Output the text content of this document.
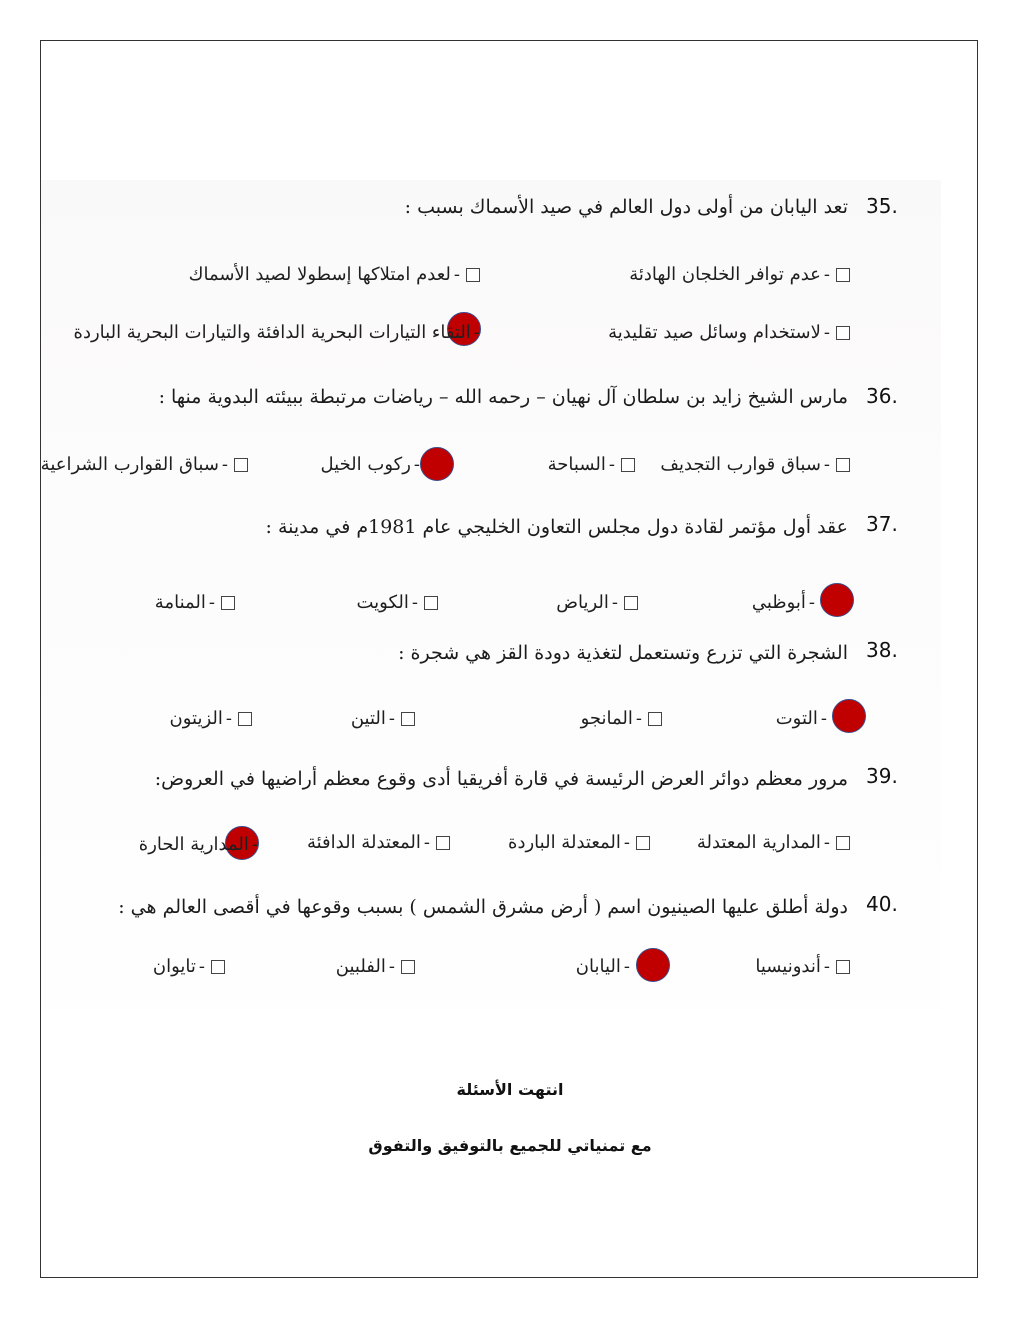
35.
تعد اليابان من أولى دول العالم في صيد الأسماك بسبب :
-
عدم توافر الخلجان الهادئة
-
لعدم امتلاكها إسطولا لصيد الأسماك
-
لاستخدام وسائل صيد تقليدية
-
التقاء التيارات البحرية الدافئة والتيارات البحرية الباردة
36.
مارس الشيخ زايد بن سلطان آل نهيان – رحمه الله – رياضات مرتبطة ببيئته البدوية منها :
-
سباق قوارب التجديف
-
السباحة
-
ركوب الخيل
-
سباق القوارب الشراعية
37.
عقد أول مؤتمر لقادة دول مجلس التعاون الخليجي عام 1981م في مدينة :
-
أبوظبي
-
الرياض
-
الكويت
-
المنامة
38.
الشجرة التي تزرع وتستعمل لتغذية دودة القز هي شجرة :
-
التوت
-
المانجو
-
التين
-
الزيتون
39.
مرور معظم دوائر العرض الرئيسة في قارة أفريقيا أدى وقوع معظم أراضيها في العروض:
-
المدارية المعتدلة
-
المعتدلة الباردة
-
المعتدلة الدافئة
-
المدارية الحارة
40.
دولة أطلق عليها الصينيون اسم ( أرض مشرق الشمس ) بسبب وقوعها في أقصى العالم هي :
-
أندونيسيا
-
اليابان
-
الفلبين
-
تايوان
انتهت الأسئلة
مع تمنياتي للجميع بالتوفيق والتفوق
